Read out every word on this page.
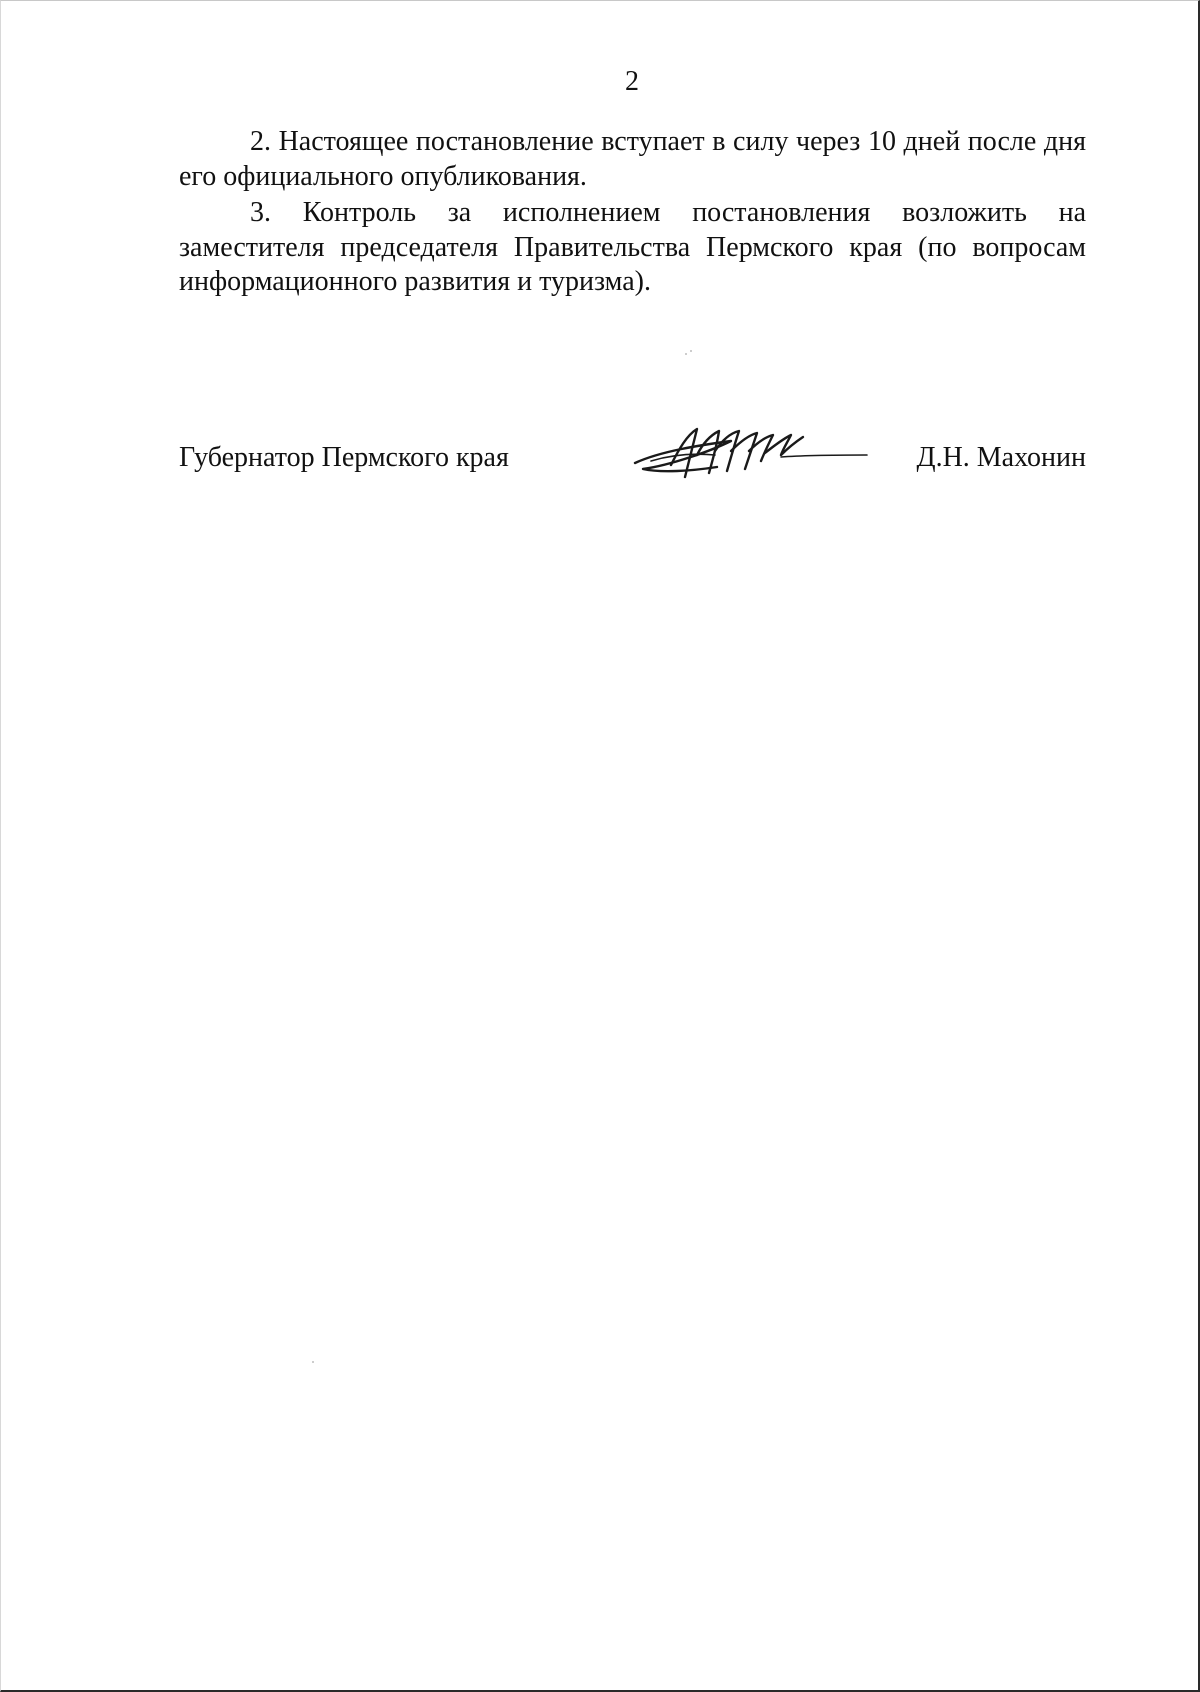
2

2. Настоящее постановление вступает в силу через 10 дней после дня его официального опубликования.

3. Контроль за исполнением постановления возложить на заместителя председателя Правительства Пермского края (по вопросам информационного развития и туризма).

Губернатор Пермского края	Д.Н. Махонин
